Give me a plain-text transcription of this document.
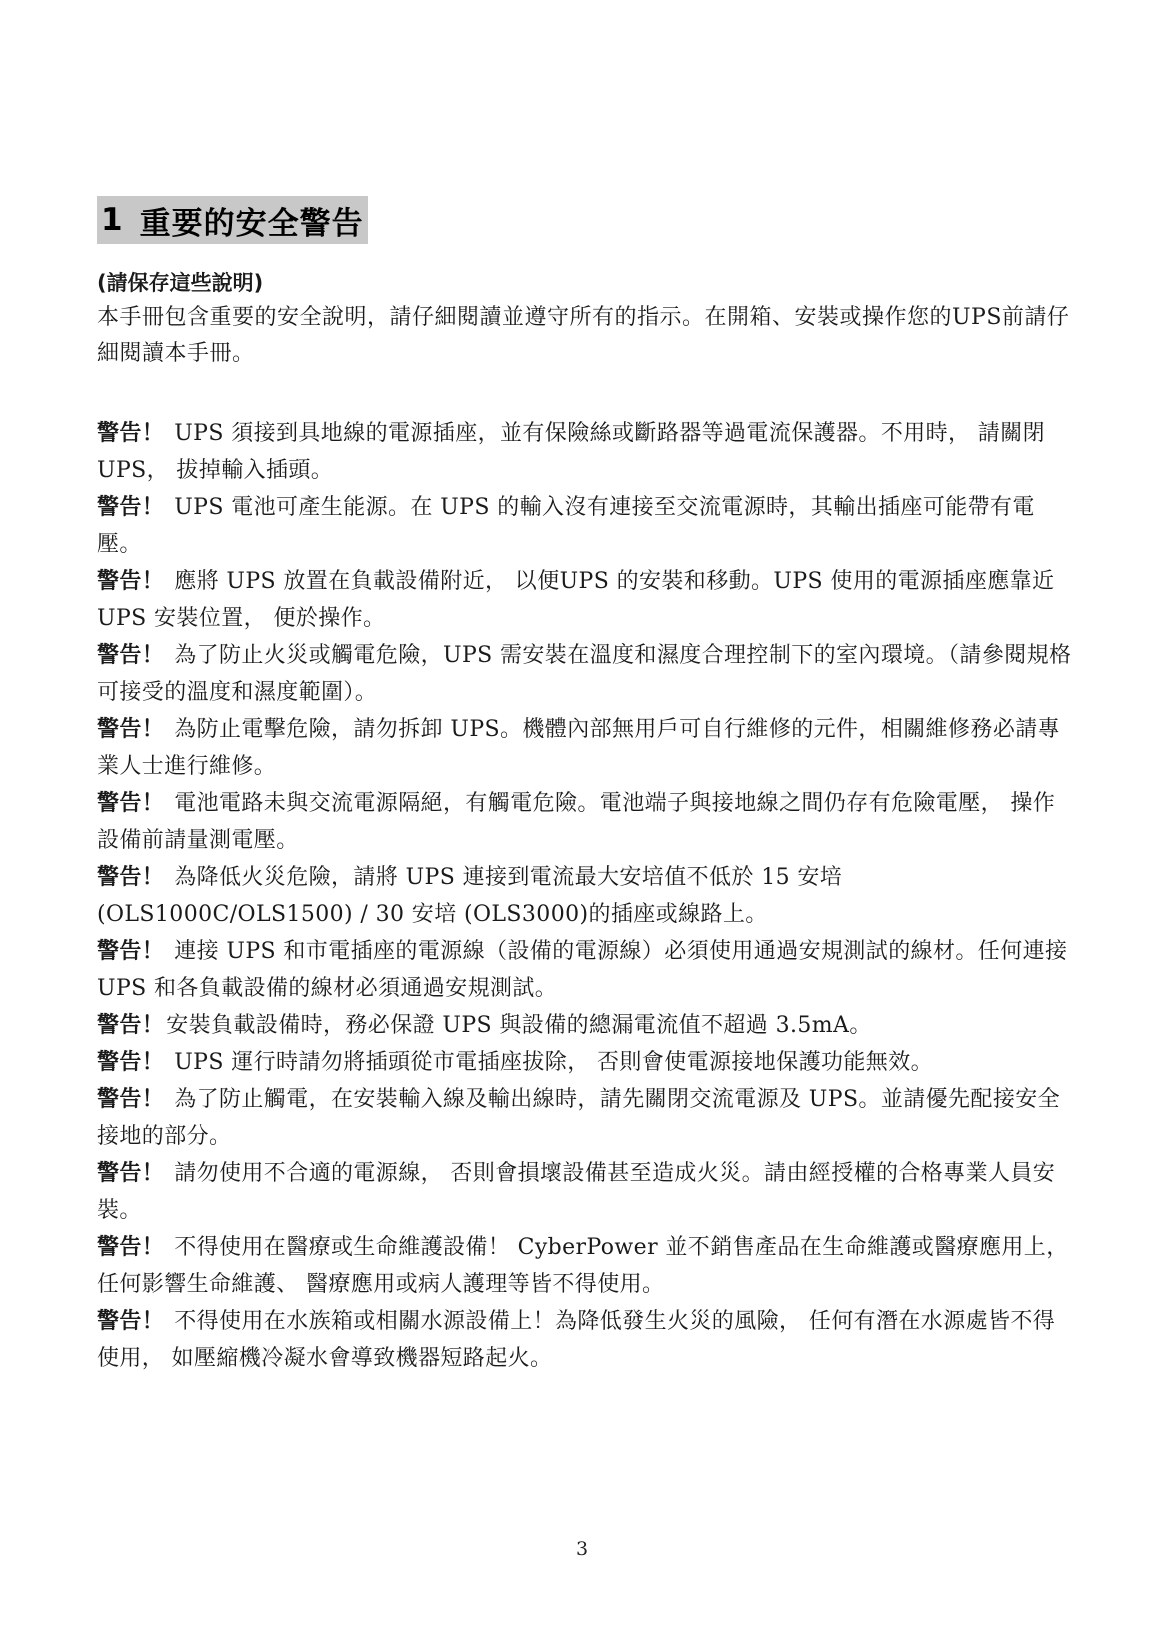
1 重要的安全警告
(請保存這些說明)
本手冊包含重要的安全說明，請仔細閱讀並遵守所有的指示。在開箱、安裝或操作您的UPS前請仔細閱讀本手冊。

警告！ UPS 須接到具地線的電源插座，並有保險絲或斷路器等過電流保護器。不用時， 請關閉UPS， 拔掉輸入插頭。

警告！ UPS 電池可產生能源。在 UPS 的輸入沒有連接至交流電源時，其輸出插座可能帶有電壓。

警告！ 應將 UPS 放置在負載設備附近， 以便UPS 的安裝和移動。UPS 使用的電源插座應靠近 UPS 安裝位置， 便於操作。

警告！ 為了防止火災或觸電危險，UPS 需安裝在溫度和濕度合理控制下的室內環境。（請參閱規格可接受的溫度和濕度範圍）。

警告！ 為防止電擊危險，請勿拆卸 UPS。機體內部無用戶可自行維修的元件，相關維修務必請專業人士進行維修。

警告！ 電池電路未與交流電源隔絕，有觸電危險。電池端子與接地線之間仍存有危險電壓， 操作設備前請量測電壓。

警告！ 為降低火災危險，請將 UPS 連接到電流最大安培值不低於 15 安培(OLS1000C/OLS1500) / 30 安培 (OLS3000)的插座或線路上。

警告！ 連接 UPS 和市電插座的電源線（設備的電源線）必須使用通過安規測試的線材。任何連接 UPS 和各負載設備的線材必須通過安規測試。

警告！安裝負載設備時，務必保證 UPS 與設備的總漏電流值不超過 3.5mA。

警告！ UPS 運行時請勿將插頭從市電插座拔除， 否則會使電源接地保護功能無效。

警告！ 為了防止觸電，在安裝輸入線及輸出線時，請先關閉交流電源及 UPS。並請優先配接安全接地的部分。

警告！ 請勿使用不合適的電源線， 否則會損壞設備甚至造成火災。請由經授權的合格專業人員安裝。

警告！ 不得使用在醫療或生命維護設備！ CyberPower 並不銷售產品在生命維護或醫療應用上， 任何影響生命維護、 醫療應用或病人護理等皆不得使用。

警告！ 不得使用在水族箱或相關水源設備上！為降低發生火災的風險， 任何有潛在水源處皆不得使用， 如壓縮機冷凝水會導致機器短路起火。

3
